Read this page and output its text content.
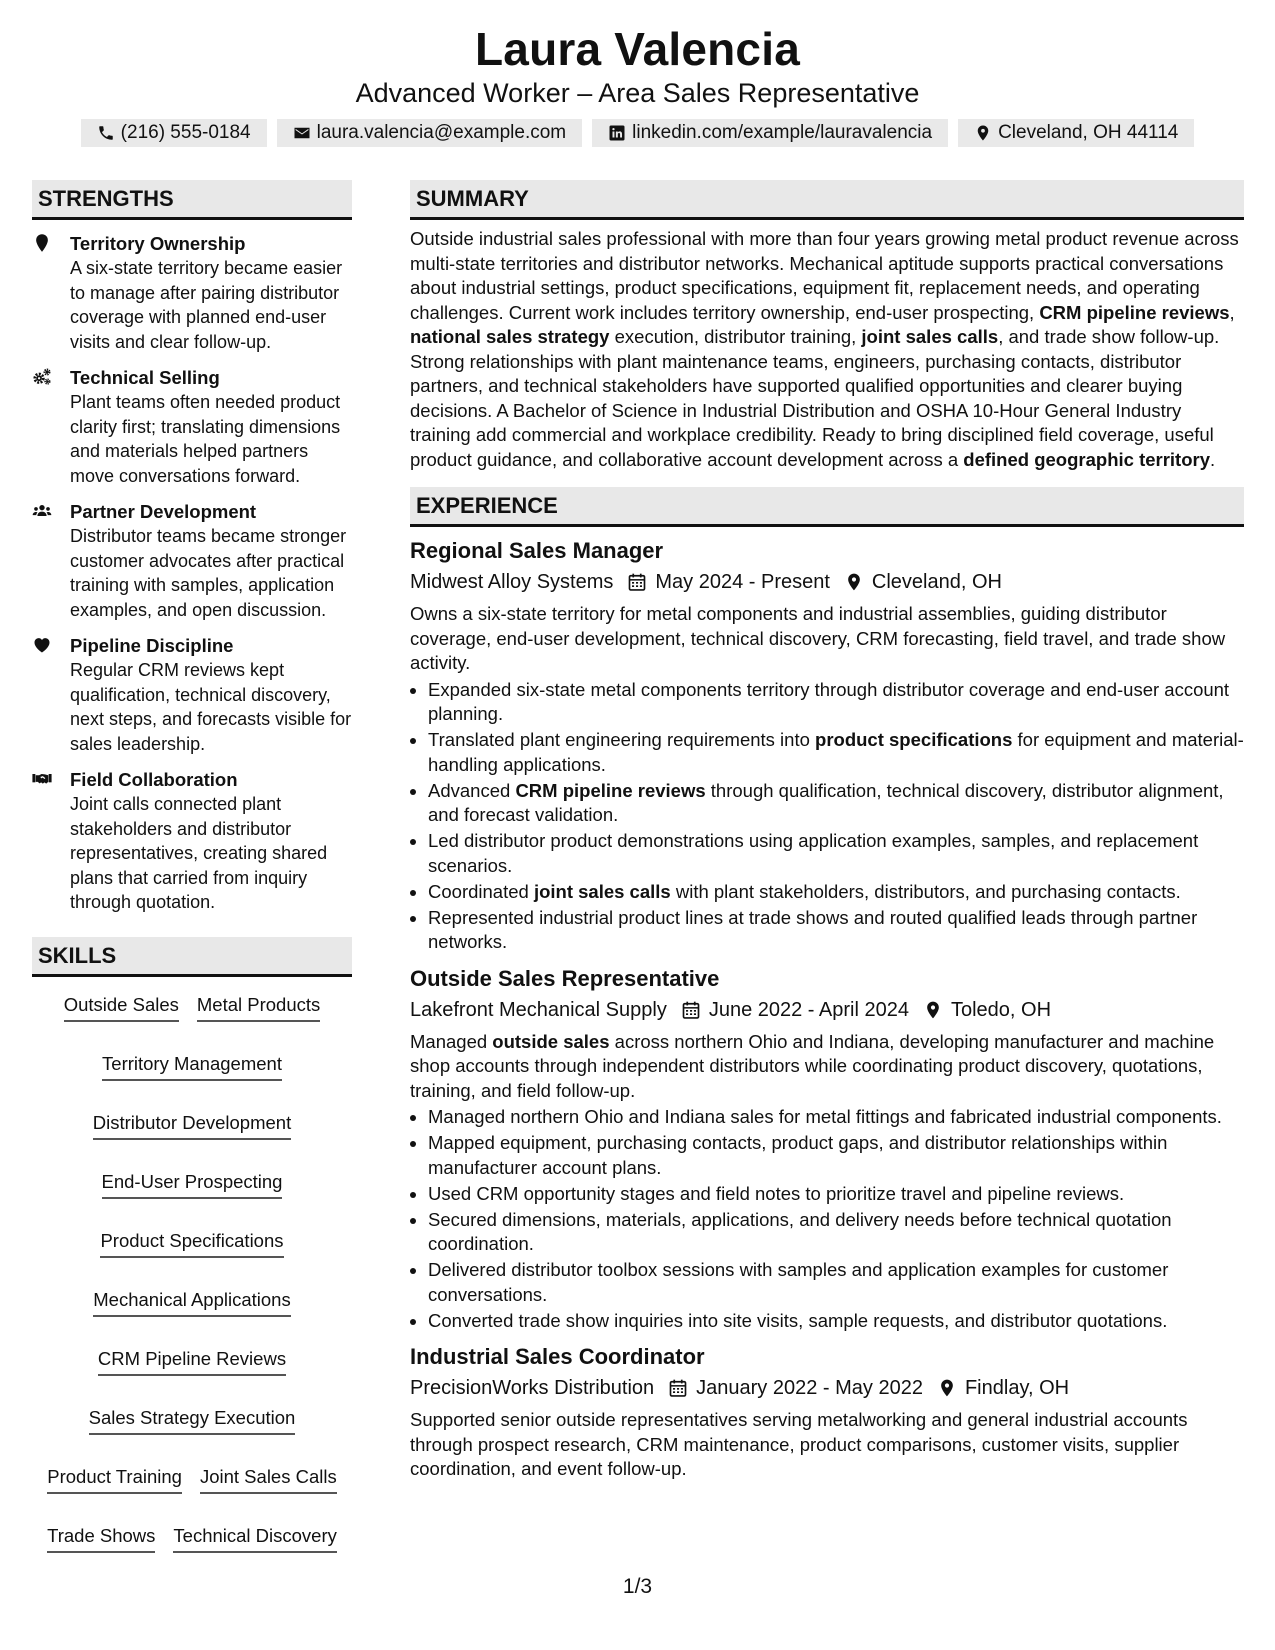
Laura Valencia
Advanced Worker – Area Sales Representative
(216) 555-0184	laura.valencia@example.com	linkedin.com/example/lauravalencia	Cleveland, OH 44114
STRENGTHS
Territory Ownership
A six-state territory became easier to manage after pairing distributor coverage with planned end-user visits and clear follow-up.
Technical Selling
Plant teams often needed product clarity first; translating dimensions and materials helped partners move conversations forward.
Partner Development
Distributor teams became stronger customer advocates after practical training with samples, application examples, and open discussion.
Pipeline Discipline
Regular CRM reviews kept qualification, technical discovery, next steps, and forecasts visible for sales leadership.
Field Collaboration
Joint calls connected plant stakeholders and distributor representatives, creating shared plans that carried from inquiry through quotation.
SKILLS
Outside Sales Metal Products
Territory Management
Distributor Development
End-User Prospecting
Product Specifications
Mechanical Applications
CRM Pipeline Reviews
Sales Strategy Execution
Product Training Joint Sales Calls
Trade Shows Technical Discovery
SUMMARY
Outside industrial sales professional with more than four years growing metal product revenue across multi-state territories and distributor networks. Mechanical aptitude supports practical conversations about industrial settings, product specifications, equipment fit, replacement needs, and operating challenges. Current work includes territory ownership, end-user prospecting, CRM pipeline reviews, national sales strategy execution, distributor training, joint sales calls, and trade show follow-up. Strong relationships with plant maintenance teams, engineers, purchasing contacts, distributor partners, and technical stakeholders have supported qualified opportunities and clearer buying decisions. A Bachelor of Science in Industrial Distribution and OSHA 10-Hour General Industry training add commercial and workplace credibility. Ready to bring disciplined field coverage, useful product guidance, and collaborative account development across a defined geographic territory.
EXPERIENCE
Regional Sales Manager
Midwest Alloy Systems May 2024 - Present Cleveland, OH
Owns a six-state territory for metal components and industrial assemblies, guiding distributor coverage, end-user development, technical discovery, CRM forecasting, field travel, and trade show activity.
• Expanded six-state metal components territory through distributor coverage and end-user account planning.
• Translated plant engineering requirements into product specifications for equipment and material-handling applications.
• Advanced CRM pipeline reviews through qualification, technical discovery, distributor alignment, and forecast validation.
• Led distributor product demonstrations using application examples, samples, and replacement scenarios.
• Coordinated joint sales calls with plant stakeholders, distributors, and purchasing contacts.
• Represented industrial product lines at trade shows and routed qualified leads through partner networks.
Outside Sales Representative
Lakefront Mechanical Supply June 2022 - April 2024 Toledo, OH
Managed outside sales across northern Ohio and Indiana, developing manufacturer and machine shop accounts through independent distributors while coordinating product discovery, quotations, training, and field follow-up.
• Managed northern Ohio and Indiana sales for metal fittings and fabricated industrial components.
• Mapped equipment, purchasing contacts, product gaps, and distributor relationships within manufacturer account plans.
• Used CRM opportunity stages and field notes to prioritize travel and pipeline reviews.
• Secured dimensions, materials, applications, and delivery needs before technical quotation coordination.
• Delivered distributor toolbox sessions with samples and application examples for customer conversations.
• Converted trade show inquiries into site visits, sample requests, and distributor quotations.
Industrial Sales Coordinator
PrecisionWorks Distribution January 2022 - May 2022 Findlay, OH
Supported senior outside representatives serving metalworking and general industrial accounts through prospect research, CRM maintenance, product comparisons, customer visits, supplier coordination, and event follow-up.
1/3
